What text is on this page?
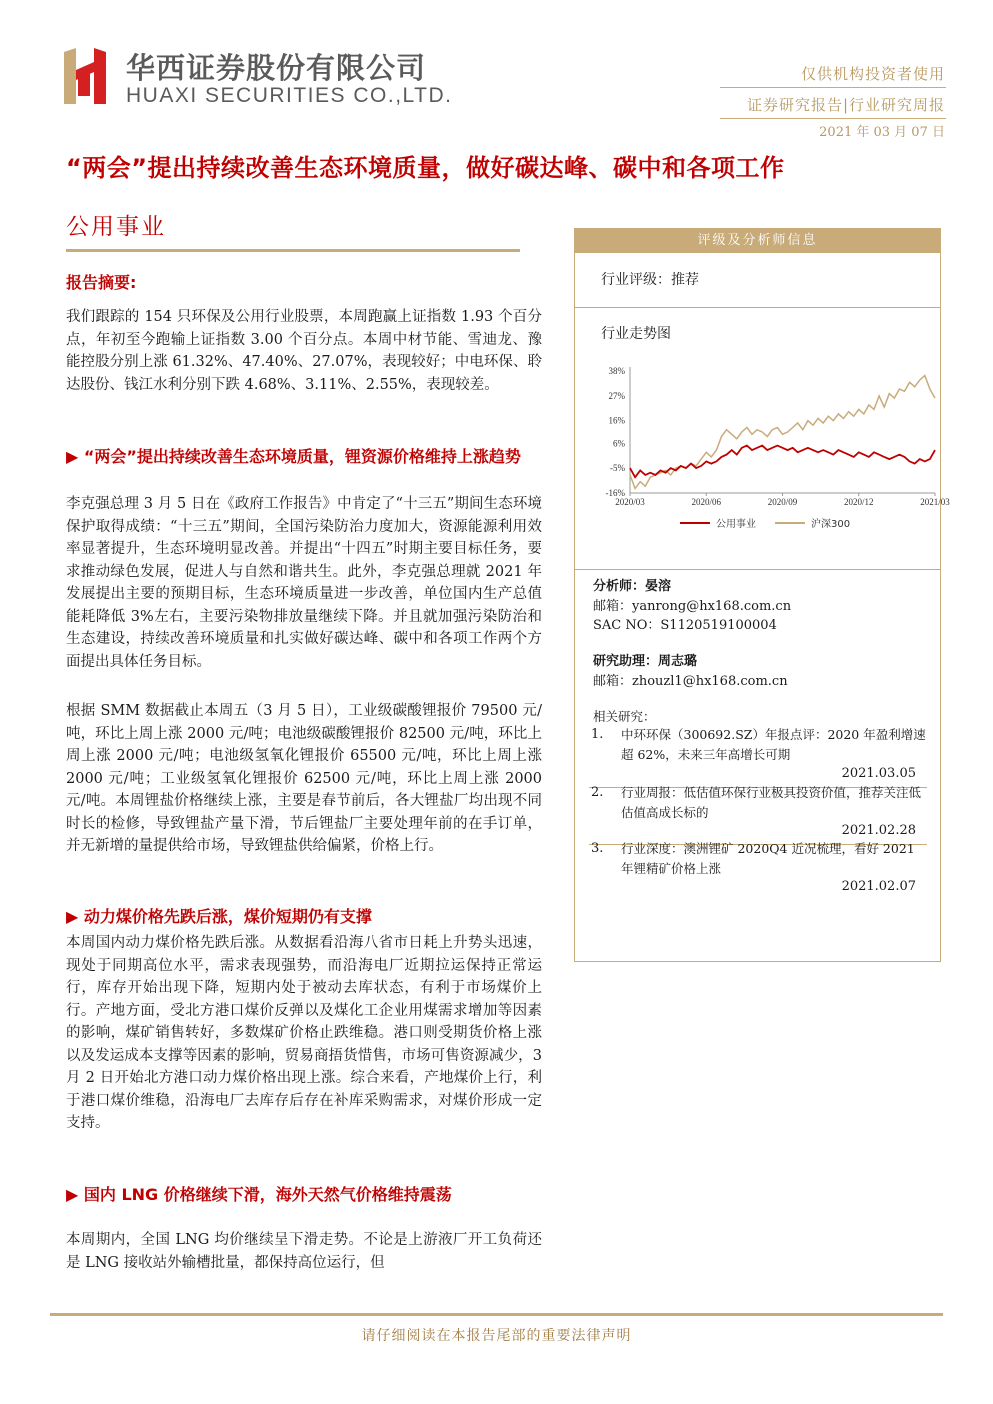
华西证券股份有限公司
HUAXI SECURITIES CO.,LTD.
仅供机构投资者使用
证券研究报告|行业研究周报
2021 年 03 月 07 日
“两会”提出持续改善生态环境质量，做好碳达峰、碳中和各项工作
公用事业
报告摘要:
我们跟踪的 154 只环保及公用行业股票，本周跑赢上证指数 1.93 个百分点，年初至今跑输上证指数 3.00 个百分点。本周中材节能、雪迪龙、豫能控股分别上涨 61.32%、47.40%、27.07%，表现较好；中电环保、聆达股份、钱江水利分别下跌 4.68%、3.11%、2.55%，表现较差。
▶ “两会”提出持续改善生态环境质量，锂资源价格维持上涨趋势
李克强总理 3 月 5 日在《政府工作报告》中肯定了“十三五”期间生态环境保护取得成绩：“十三五”期间，全国污染防治力度加大，资源能源利用效率显著提升，生态环境明显改善。并提出“十四五”时期主要目标任务，要求推动绿色发展，促进人与自然和谐共生。此外，李克强总理就 2021 年发展提出主要的预期目标，生态环境质量进一步改善，单位国内生产总值能耗降低 3%左右，主要污染物排放量继续下降。并且就加强污染防治和生态建设，持续改善环境质量和扎实做好碳达峰、碳中和各项工作两个方面提出具体任务目标。
根据 SMM 数据截止本周五（3 月 5 日），工业级碳酸锂报价 79500 元/吨，环比上周上涨 2000 元/吨；电池级碳酸锂报价 82500 元/吨，环比上周上涨 2000 元/吨；电池级氢氧化锂报价 65500 元/吨，环比上周上涨 2000 元/吨；工业级氢氧化锂报价 62500 元/吨，环比上周上涨 2000 元/吨。本周锂盐价格继续上涨，主要是春节前后，各大锂盐厂均出现不同时长的检修，导致锂盐产量下滑，节后锂盐厂主要处理年前的在手订单，并无新增的量提供给市场，导致锂盐供给偏紧，价格上行。
▶ 动力煤价格先跌后涨，煤价短期仍有支撑
本周国内动力煤价格先跌后涨。从数据看沿海八省市日耗上升势头迅速，现处于同期高位水平，需求表现强势，而沿海电厂近期拉运保持正常运行，库存开始出现下降，短期内处于被动去库状态，有利于市场煤价上行。产地方面，受北方港口煤价反弹以及煤化工企业用煤需求增加等因素的影响，煤矿销售转好，多数煤矿价格止跌维稳。港口则受期货价格上涨以及发运成本支撑等因素的影响，贸易商捂货惜售，市场可售资源减少，3 月 2 日开始北方港口动力煤价格出现上涨。综合来看，产地煤价上行，利于港口煤价维稳，沿海电厂去库存后存在补库采购需求，对煤价形成一定支持。
▶ 国内 LNG 价格继续下滑，海外天然气价格维持震荡
本周期内，全国 LNG 均价继续呈下滑走势。不论是上游液厂开工负荷还是 LNG 接收站外输槽批量，都保持高位运行，但
评级及分析师信息
行业评级：推荐
行业走势图
38%
27%
16%
6%
-5%
-16%
2020/03	2020/06	2020/09	2020/12	2021/03
公用事业	沪深300
分析师：晏溶
邮箱：yanrong@hx168.com.cn
SAC NO：S1120519100004
研究助理：周志璐
邮箱：zhouzl1@hx168.com.cn
相关研究：
1. 中环环保（300692.SZ）年报点评：2020 年盈利增速超 62%，未来三年高增长可期
2021.03.05
2. 行业周报：低估值环保行业极具投资价值，推荐关注低估值高成长标的
2021.02.28
3. 行业深度：澳洲锂矿 2020Q4 近况梳理，看好 2021 年锂精矿价格上涨
2021.02.07
请仔细阅读在本报告尾部的重要法律声明
